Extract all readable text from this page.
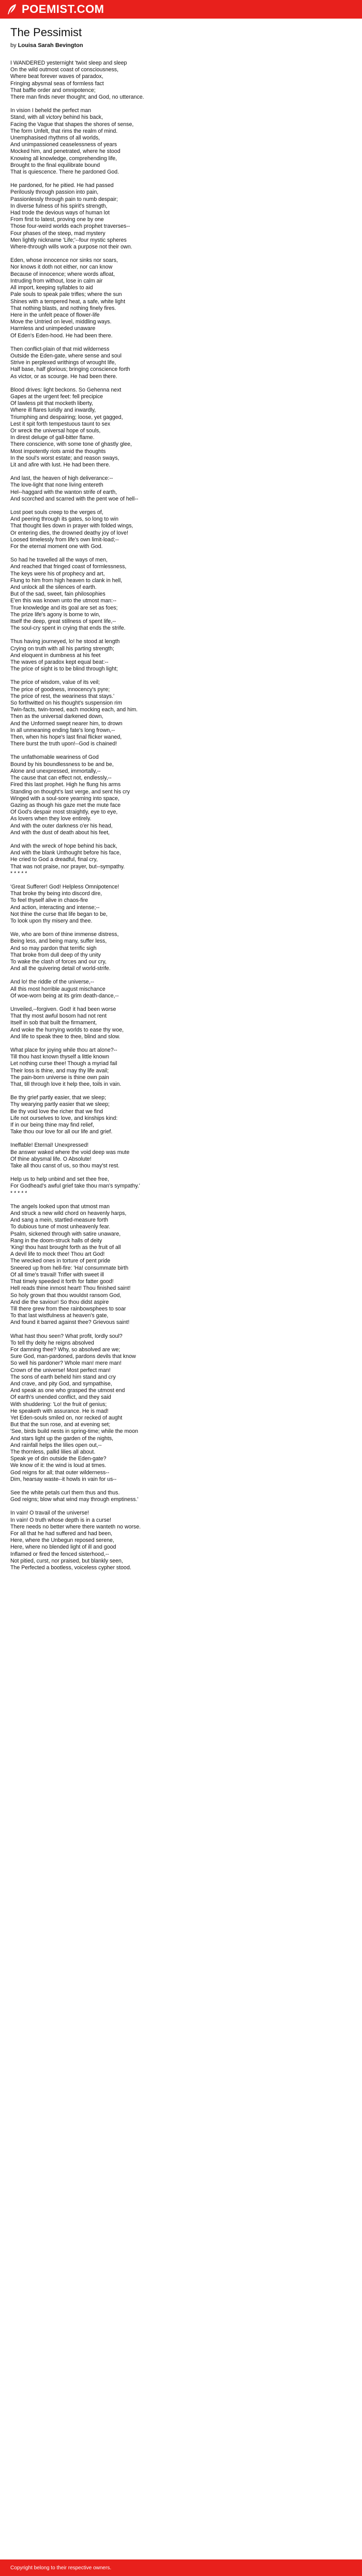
POEMIST.COM
The Pessimist
by Louisa Sarah Bevington
I WANDERED yesternight 'twixt sleep and sleep
On the wild outmost coast of consciousness,
Where beat forever waves of paradox,
Fringing abysmal seas of formless fact
That baffle order and omnipotence;
There man finds never thought; and God, no utterance.
In vision I beheld the perfect man
Stand, with all victory behind his back,
Facing the Vague that shapes the shores of sense,
The form Unfelt, that rims the realm of mind.
Unemphasised rhythms of all worlds,
And unimpassioned ceaselessness of years
Mocked him, and penetrated, where he stood
Knowing all knowledge, comprehending life,
Brought to the final equilibrate bound
That is quiescence. There he pardoned God.
He pardoned, for he pitied. He had passed
Perilously through passion into pain,
Passionlessly through pain to numb despair;
In diverse fulness of his spirit's strength,
Had trode the devious ways of human lot
From first to latest, proving one by one
Those four-weird worlds each prophet traverses--
Four phases of the steep, mad mystery
Men lightly nickname 'Life;'--four mystic spheres
Where-through wills work a purpose not their own.
Eden, whose innocence nor sinks nor soars,
Nor knows it doth not either, nor can know
Because of innocence; where words afloat,
Intruding from without, lose in calm air
All import, keeping syllables to aid
Pale souls to speak pale trifles; where the sun
Shines with a tempered heat, a safe, white light
That nothing blasts, and nothing finely fires.
Here in the unfelt peace of flower-life
Move the Untried on level, middling ways.
Harmless and unimpeded unaware
Of Eden's Eden-hood. He had been there.
Then conflict-plain of that mid wilderness
Outside the Eden-gate, where sense and soul
Strive in perplexed writhings of wrought life,
Half base, half glorious; bringing conscience forth
As victor, or as scourge. He had been there.
Blood drives: light beckons. So Gehenna next
Gapes at the urgent feet: fell precipice
Of lawless pit that mocketh liberty,
Where ill flares luridly and inwardly,
Triumphing and despairing; loose, yet gagged,
Lest it spit forth tempestuous taunt to sex
Or wreck the universal hope of souls,
In direst deluge of gall-bitter flame.
There conscience, with some tone of ghastly glee,
Most impotently riots amid the thoughts
In the soul's worst estate; and reason sways,
Lit and afire with lust. He had been there.
And last, the heaven of high deliverance:--
The love-light that none living entereth
Hel--haggard with the wanton strife of earth,
And scorched and scarred with the pent woe of hell--
Lost poet souls creep to the verges of,
And peering through its gates, so long to win
That thought lies down in prayer with folded wings,
Or entering dies, the drowned deathy joy of love!
Loosed timelessly from life's own limit-load;--
For the eternal moment one with God.
So had he travelled all the ways of men,
And reached that fringed coast of formlessness,
The keys were his of prophecy and art,
Flung to him from high heaven to clank in hell,
And unlock all the silences of earth.
But of the sad, sweet, fain philosophies
E'en this was known unto the utmost man:--
True knowledge and its goal are set as foes;
The prize life's agony is borne to win,
Itself the deep, great stillness of spent life,--
The soul-cry spent in crying that ends the strife.
Thus having journeyed, lo! he stood at length
Crying on truth with all his parting strength;
And eloquent in dumbness at his feet
The waves of paradox kept equal beat:--
The price of sight is to be blind through light;
The price of wisdom, value of its veil;
The price of goodness, innocency's pyre;
The price of rest, the weariness that stays.'
So forthwitted on his thought's suspension rim
Twin-facts, twin-toned, each mocking each, and him.
Then as the universal darkened down,
And the Unformed swept nearer him, to drown
In all unmeaning ending fate's long frown,--
Then, when his hope's last final flicker waned,
There burst the truth upon!--God is chained!
The unfathomable weariness of God
Bound by his boundlessness to be and be,
Alone and unexpressed, immortally,--
The cause that can effect not, endlessly,--
Fired this last prophet. High he flung his arms
Standing on thought's last verge, and sent his cry
Winged with a soul-sore yearning into space,
Gazing as though his gaze met the mute face
Of God's despair most straightly, eye to eye,
As lovers when they love entirely.
And with the outer darkness o'er his head,
And with the dust of death about his feet,
And with the wreck of hope behind his back,
And with the blank Unthought before his face,
He cried to God a dreadful, final cry,
That was not praise, nor prayer, but--sympathy.
* * * * *
'Great Sufferer! God! Helpless Omnipotence!
That broke thy being into discord dire,
To feel thyself alive in chaos-fire
And action, interacting and intense;--
Not thine the curse that life began to be,
To look upon thy misery and thee.
We, who are born of thine immense distress,
Being less, and being many, suffer less,
And so may pardon that terrific sigh
That broke from dull deep of thy unity
To wake the clash of forces and our cry,
And all the quivering detail of world-strife.
And lo! the riddle of the universe,--
All this most horrible august mischance
Of woe-worn being at its grim death-dance,--
Unveiled,--forgiven. God! it had been worse
That thy most awful bosom had not rent
Itself in sob that built the firmament,
And woke the hurrying worlds to ease thy woe,
And life to speak thee to thee, blind and slow.
What place for joying while thou art alone?--
Till thou hast known thyself a little known
Let nothing curse thee! Though a myriad fail
Their loss is thine, and may thy life avail;
The pain-born universe is thine own pain
That, till through love it help thee, toils in vain.
Be thy grief partly easier, that we sleep;
Thy wearying partly easier that we sleep;
Be thy void love the richer that we find
Life not ourselves to love, and kinships kind:
If in our being thine may find relief,
Take thou our love for all our life and grief.
Ineffable! Eternal! Unexpressed!
Be answer waked where the void deep was mute
Of thine abysmal life. O Absolute!
Take all thou canst of us, so thou may'st rest.
Help us to help unbind and set thee free,
For Godhead's awful grief take thou man's sympathy.'
* * * * *
The angels looked upon that utmost man
And struck a new wild chord on heavenly harps,
And sang a mein, startled-measure forth
To dubious tune of most unheavenly fear.
Psalm, sickened through with satire unaware,
Rang in the doom-struck halls of deity
'King! thou hast brought forth as the fruit of all
A devil life to mock thee! Thou art God!
The wrecked ones in torture of pent pride
Sneered up from hell-fire: 'Ha! consummate birth
Of all time's travail! Trifler with sweet ill
That timely speeded it forth for fatter good!
Hell reads thine inmost heart! Thou finished saint!
So holy grown that thou wouldst ransom God,
And die the saviour! So thou didst aspire
Till there grew from thee rainbowsphees to soar
To that last wistfulness at heaven's gate,
And found it barred against thee? Grievous saint!
What hast thou seen? What profit, lordly soul?
To tell thy deity he reigns absolved
For damning thee? Why, so absolved are we;
Sure God, man-pardoned, pardons devils that know
So well his pardoner? Whole man! mere man!
Crown of the universe! Most perfect man!
The sons of earth beheld him stand and cry
And crave, and pity God, and sympathise,
And speak as one who grasped the utmost end
Of earth's unended conflict, and they said
With shuddering: 'Lo! the fruit of genius;
He speaketh with assurance. He is mad!
Yet Eden-souls smiled on, nor recked of aught
But that the sun rose, and at evening set;
'See, birds build nests in spring-time; while the moon
And stars light up the garden of the nights,
And rainfall helps the lilies open out,--
The thornless, pallid lilies all about.
Speak ye of din outside the Eden-gate?
We know of it: the wind is loud at times.
God reigns for all; that outer wilderness--
Dim, hearsay waste--it howls in vain for us--
See the white petals curl them thus and thus.
God reigns; blow what wind may through emptiness.'
In vain! O travail of the universe!
In vain! O truth whose depth is in a curse!
There needs no better where there wanteth no worse.
For all that he had suffered and had been,
Here, where the Unbegun reposed serene,
Here, where no blended light of ill and good
Inflamed or fired the fenced sisterhood,--
Not pitied, curst, nor praised, but blankly seen,
The Perfected a bootless, voiceless cypher stood.
Copyright belong to their respective owners.
